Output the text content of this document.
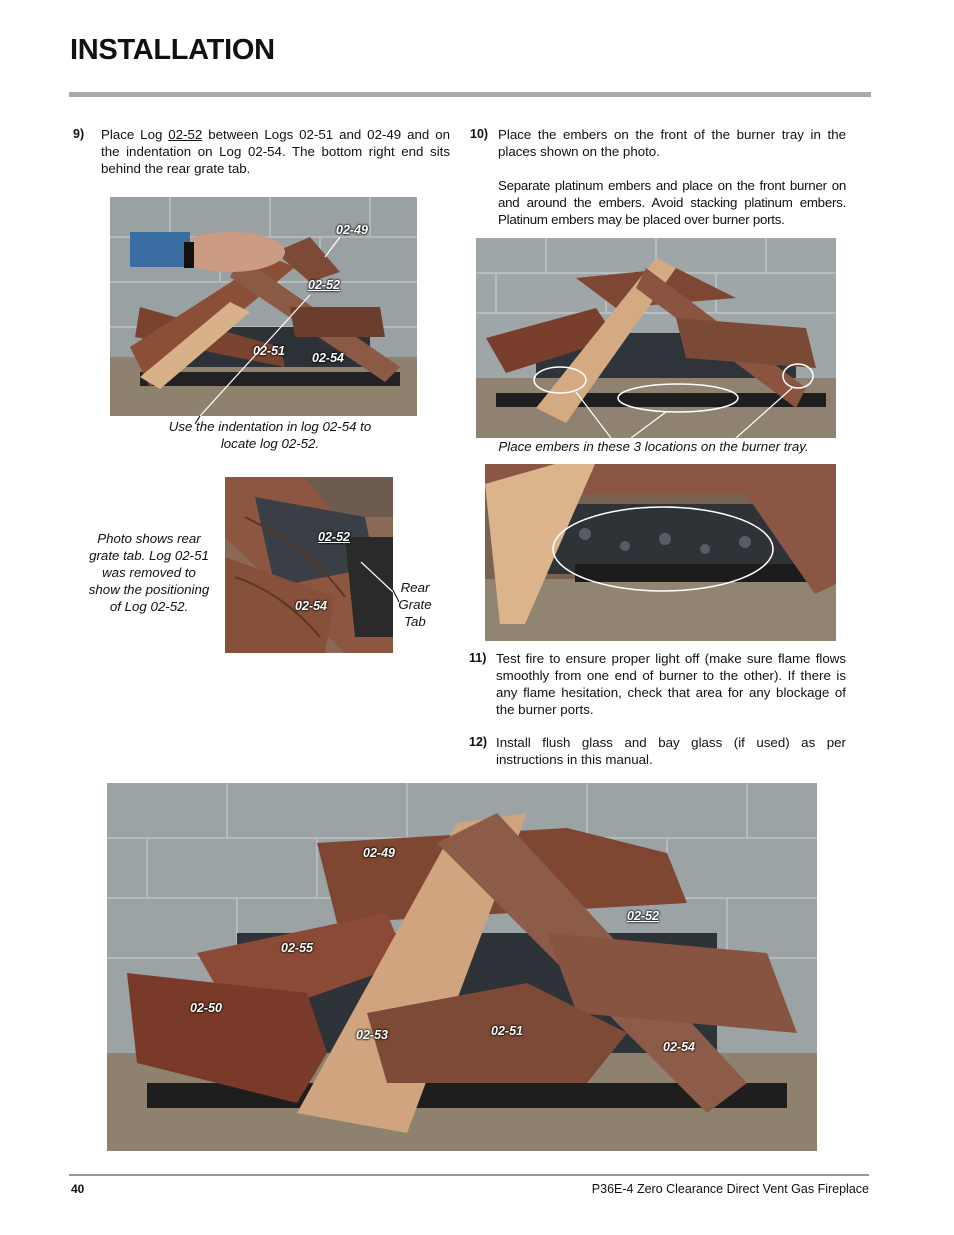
INSTALLATION
9) Place Log 02-52 between Logs 02-51 and 02-49 and on the indentation on Log 02-54. The bottom right end sits behind the rear grate tab.
02-49
02-52
02-51 02-54
Use the indentation in log 02-54 to
locate log 02-52.
Photo shows rear
grate tab. Log 02-51
was removed to
show the positioning
of Log 02-52.
02-52
02-54
Rear
Grate
Tab
10) Place the embers on the front of the burner tray in the places shown on the photo.

Separate platinum embers and place on the front burner on and around the embers. Avoid stacking platinum embers. Platinum embers may be placed over burner ports.

Place embers in these 3 locations on the burner tray.
11) Test fire to ensure proper light off (make sure flame flows smoothly from one end of burner to the other). If there is any flame hesitation, check that area for any blockage of the burner ports.
12) Install flush glass and bay glass (if used) as per instructions in this manual.
02-49
02-52
02-55
02-50
02-53	02-51
02-54
40	P36E-4 Zero Clearance Direct Vent Gas Fireplace
